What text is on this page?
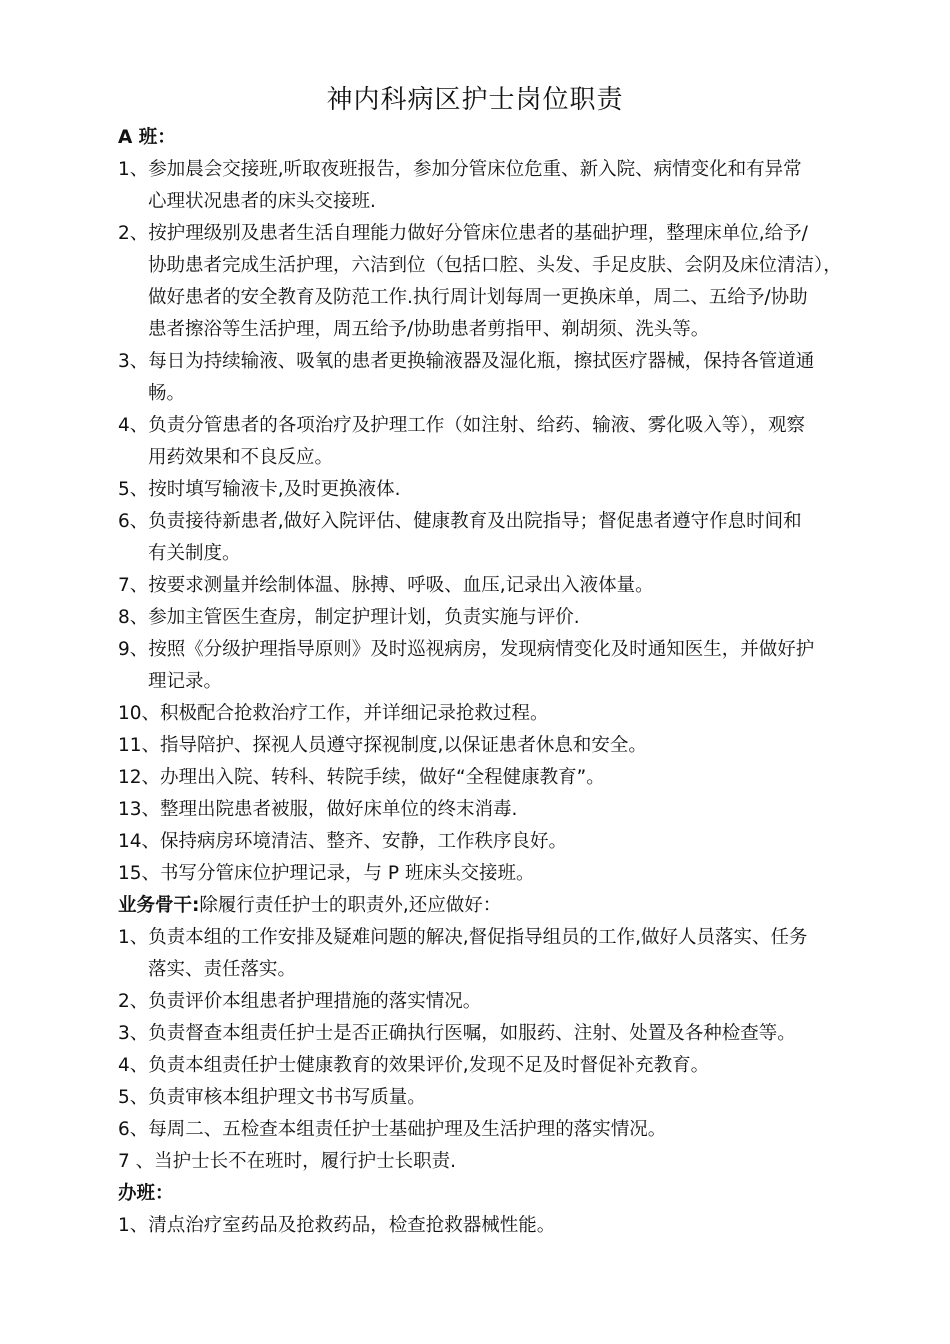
神内科病区护士岗位职责
A 班：
1、参加晨会交接班,听取夜班报告，参加分管床位危重、新入院、病情变化和有异常
心理状况患者的床头交接班.
2、按护理级别及患者生活自理能力做好分管床位患者的基础护理，整理床单位,给予/
协助患者完成生活护理，六洁到位（包括口腔、头发、手足皮肤、会阴及床位清洁），
做好患者的安全教育及防范工作.执行周计划每周一更换床单，周二、五给予/协助
患者擦浴等生活护理，周五给予/协助患者剪指甲、剃胡须、洗头等。
3、每日为持续输液、吸氧的患者更换输液器及湿化瓶，擦拭医疗器械，保持各管道通
畅。
4、负责分管患者的各项治疗及护理工作（如注射、给药、输液、雾化吸入等），观察
用药效果和不良反应。
5、按时填写输液卡,及时更换液体.
6、负责接待新患者,做好入院评估、健康教育及出院指导；督促患者遵守作息时间和
有关制度。
7、按要求测量并绘制体温、脉搏、呼吸、血压,记录出入液体量。
8、参加主管医生查房，制定护理计划，负责实施与评价.
9、按照《分级护理指导原则》及时巡视病房，发现病情变化及时通知医生，并做好护
理记录。
10、积极配合抢救治疗工作，并详细记录抢救过程。
11、指导陪护、探视人员遵守探视制度,以保证患者休息和安全。
12、办理出入院、转科、转院手续，做好“全程健康教育”。
13、整理出院患者被服，做好床单位的终末消毒.
14、保持病房环境清洁、整齐、安静，工作秩序良好。
15、书写分管床位护理记录，与 P 班床头交接班。
业务骨干:除履行责任护士的职责外,还应做好：
1、负责本组的工作安排及疑难问题的解决,督促指导组员的工作,做好人员落实、任务
落实、责任落实。
2、负责评价本组患者护理措施的落实情况。
3、负责督查本组责任护士是否正确执行医嘱，如服药、注射、处置及各种检查等。
4、负责本组责任护士健康教育的效果评价,发现不足及时督促补充教育。
5、负责审核本组护理文书书写质量。
6、每周二、五检查本组责任护士基础护理及生活护理的落实情况。
7 、当护士长不在班时，履行护士长职责.
办班：
1、清点治疗室药品及抢救药品，检查抢救器械性能。
